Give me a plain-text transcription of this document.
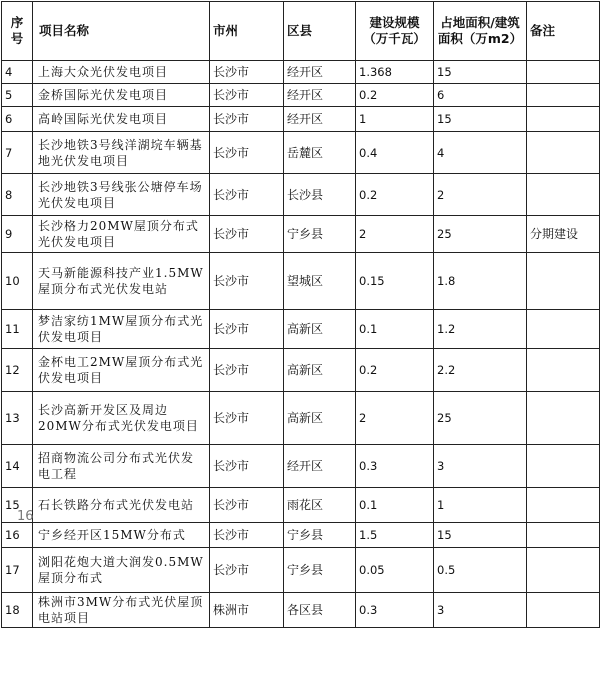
序号	项目名称	市州	区县	建设规模（万千瓦）	占地面积/建筑面积（万m2）	备注
4	上海大众光伏发电项目	长沙市	经开区	1.368	15	
5	金桥国际光伏发电项目	长沙市	经开区	0.2	6	
6	高岭国际光伏发电项目	长沙市	经开区	1	15	
7	长沙地铁3号线洋湖垸车辆基地光伏发电项目	长沙市	岳麓区	0.4	4	
8	长沙地铁3号线张公塘停车场光伏发电项目	长沙市	长沙县	0.2	2	
9	长沙格力20MW屋顶分布式光伏发电项目	长沙市	宁乡县	2	25	分期建设
10	天马新能源科技产业1.5MW屋顶分布式光伏发电站	长沙市	望城区	0.15	1.8	
11	梦洁家纺1MW屋顶分布式光伏发电项目	长沙市	高新区	0.1	1.2	
12	金杯电工2MW屋顶分布式光伏发电项目	长沙市	高新区	0.2	2.2	
13	长沙高新开发区及周边20MW分布式光伏发电项目	长沙市	高新区	2	25	
14	招商物流公司分布式光伏发电工程	长沙市	经开区	0.3	3	
15	石长铁路分布式光伏发电站	长沙市	雨花区	0.1	1	
16	宁乡经开区15MW分布式	长沙市	宁乡县	1.5	15	
17	浏阳花炮大道大润发0.5MW屋顶分布式	长沙市	宁乡县	0.05	0.5	
18	株洲市3MW分布式光伏屋顶电站项目	株洲市	各区县	0.3	3	
16
